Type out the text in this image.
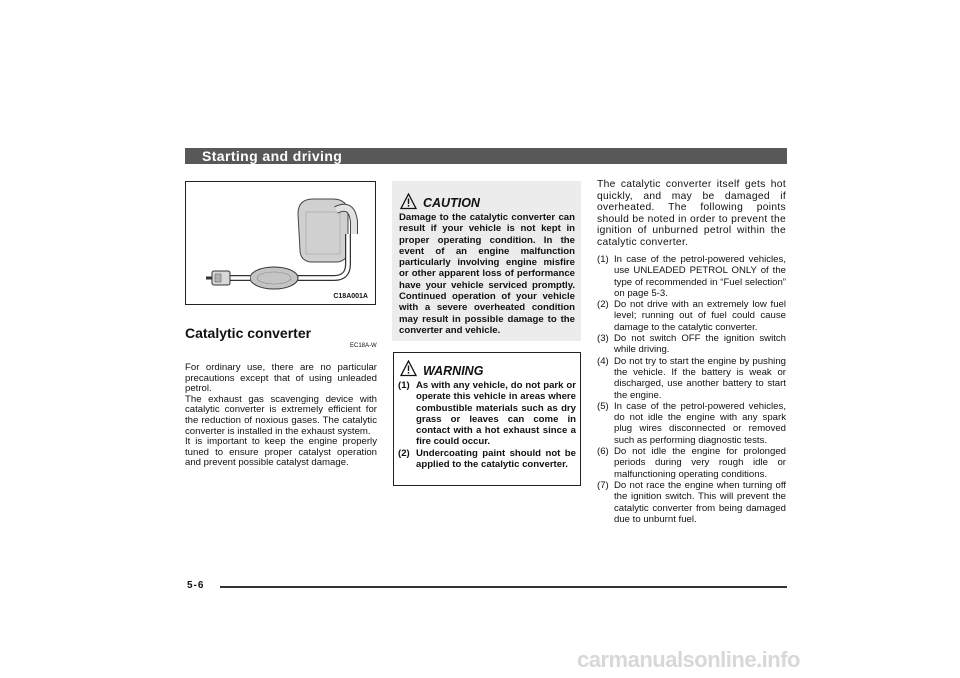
Starting and driving
C18A001A
Catalytic converter
EC18A-W

For ordinary use, there are no particular precautions except that of using unleaded petrol.

The exhaust gas scavenging device with catalytic converter is extremely efficient for the reduction of noxious gases. The catalytic converter is installed in the exhaust system.

It is important to keep the engine properly tuned to ensure proper catalyst operation and prevent possible catalyst damage.

CAUTION
Damage to the catalytic converter can result if your vehicle is not kept in proper operating condition. In the event of an engine malfunction particularly involving engine misfire or other apparent loss of performance have your vehicle serviced promptly. Continued operation of your vehicle with a severe overheated condition may result in possible damage to the converter and vehicle.
WARNING
(1) As with any vehicle, do not park or operate this vehicle in areas where combustible materials such as dry grass or leaves can come in contact with a hot exhaust since a fire could occur.
(2) Undercoating paint should not be applied to the catalytic converter.
The catalytic converter itself gets hot quickly, and may be damaged if overheated. The following points should be noted in order to prevent the ignition of unburned petrol within the catalytic converter.
(1) In case of the petrol-powered vehicles, use UNLEADED PETROL ONLY of the type of recommended in “Fuel selection” on page 5-3.
(2) Do not drive with an extremely low fuel level; running out of fuel could cause damage to the catalytic converter.
(3) Do not switch OFF the ignition switch while driving.
(4) Do not try to start the engine by pushing the vehicle. If the battery is weak or discharged, use another battery to start the engine.
(5) In case of the petrol-powered vehicles, do not idle the engine with any spark plug wires disconnected or removed such as performing diagnostic tests.
(6) Do not idle the engine for prolonged periods during very rough idle or malfunctioning operating conditions.
(7) Do not race the engine when turning off the ignition switch. This will prevent the catalytic converter from being damaged due to unburnt fuel.
5-6
carmanualsonline.info
